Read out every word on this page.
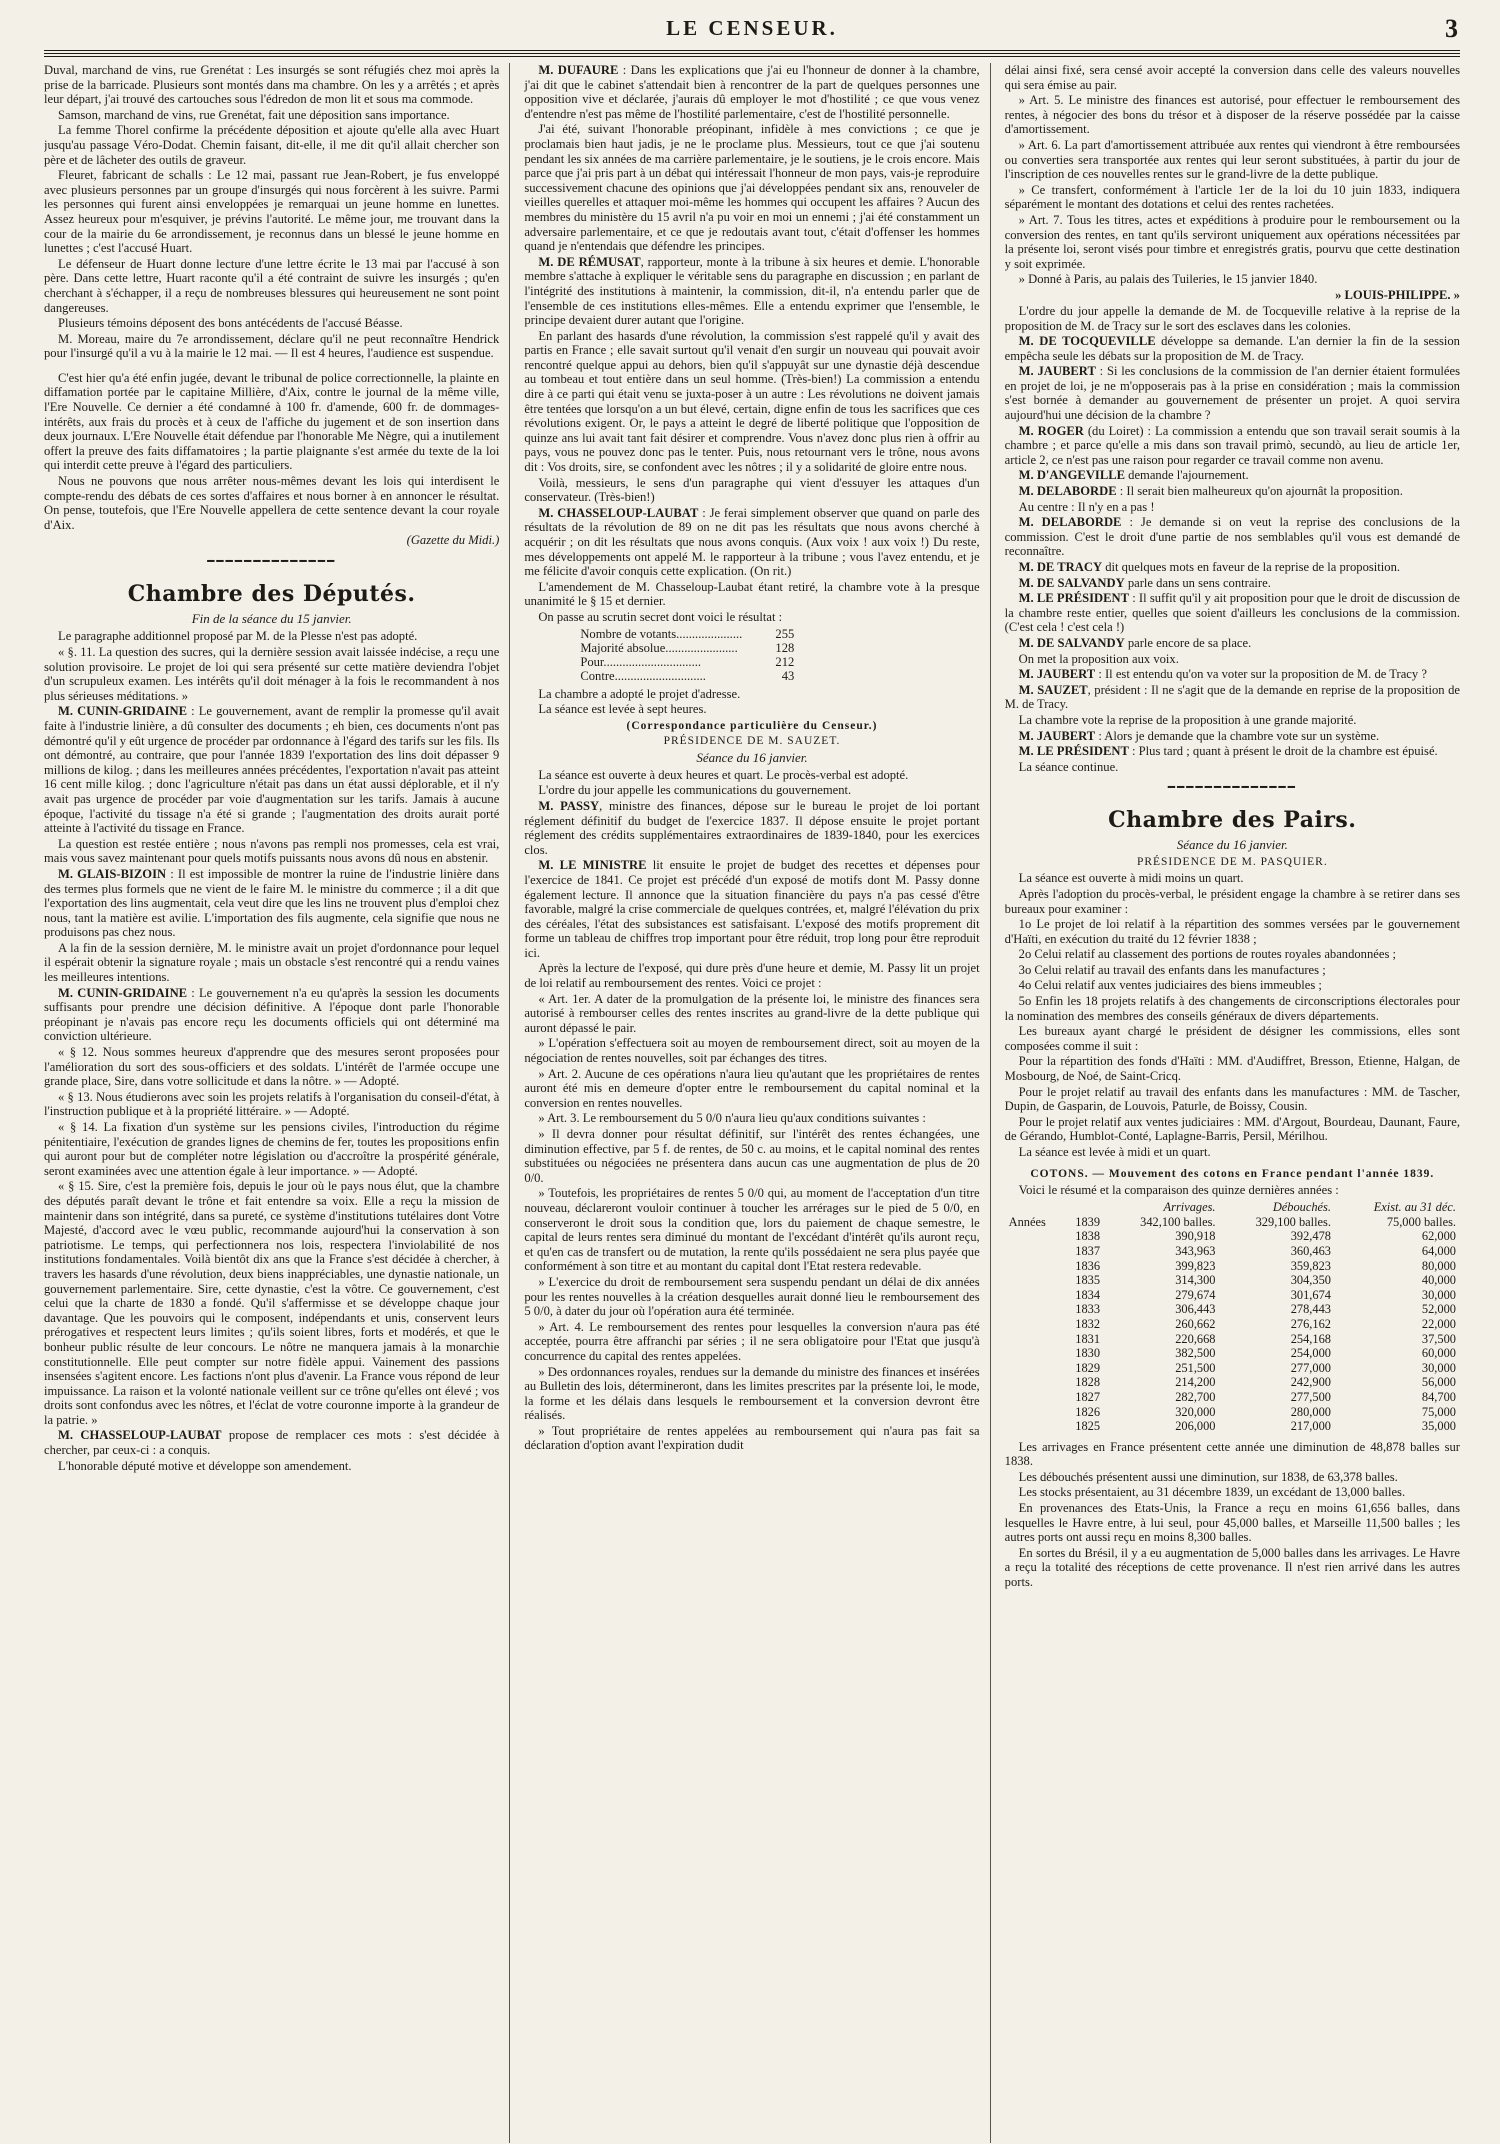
LE CENSEUR.	3

Duval, marchand de vins, rue Grenétat : Les insurgés se sont réfugiés chez moi après la prise de la barricade. Plusieurs sont montés dans ma chambre. On les y a arrêtés ; et après leur départ, j'ai trouvé des cartouches sous l'édredon de mon lit et sous ma commode.

Samson, marchand de vins, rue Grenétat, fait une déposition sans importance.

La femme Thorel confirme la précédente déposition et ajoute qu'elle alla avec Huart jusqu'au passage Véro-Dodat. Chemin faisant, dit-elle, il me dit qu'il allait chercher son père et de lâcheter des outils de graveur.

Fleuret, fabricant de schalls : Le 12 mai, passant rue Jean-Robert, je fus enveloppé avec plusieurs personnes par un groupe d'insurgés qui nous forcèrent à les suivre. Parmi les personnes qui furent ainsi enveloppées je remarquai un jeune homme en lunettes. Assez heureux pour m'esquiver, je prévins l'autorité. Le même jour, me trouvant dans la cour de la mairie du 6e arrondissement, je reconnus dans un blessé le jeune homme en lunettes ; c'est l'accusé Huart.

Le défenseur de Huart donne lecture d'une lettre écrite le 13 mai par l'accusé à son père. Dans cette lettre, Huart raconte qu'il a été contraint de suivre les insurgés ; qu'en cherchant à s'échapper, il a reçu de nombreuses blessures qui heureusement ne sont point dangereuses.

Plusieurs témoins déposent des bons antécédents de l'accusé Béasse.

M. Moreau, maire du 7e arrondissement, déclare qu'il ne peut reconnaître Hendrick pour l'insurgé qu'il a vu à la mairie le 12 mai. — Il est 4 heures, l'audience est suspendue.

C'est hier qu'a été enfin jugée, devant le tribunal de police correctionnelle, la plainte en diffamation portée par le capitaine Millière, d'Aix, contre le journal de la même ville, l'Ere Nouvelle. Ce dernier a été condamné à 100 fr. d'amende, 600 fr. de dommages-intérêts, aux frais du procès et à ceux de l'affiche du jugement et de son insertion dans deux journaux. L'Ere Nouvelle était défendue par l'honorable Me Nègre, qui a inutilement offert la preuve des faits diffamatoires ; la partie plaignante s'est armée du texte de la loi qui interdit cette preuve à l'égard des particuliers.

Nous ne pouvons que nous arrêter nous-mêmes devant les lois qui interdisent le compte-rendu des débats de ces sortes d'affaires et nous borner à en annoncer le résultat. On pense, toutefois, que l'Ere Nouvelle appellera de cette sentence devant la cour royale d'Aix.

(Gazette du Midi.)
━━━━━━━━━━━━━━
Chambre des Députés.
Fin de la séance du 15 janvier.

Le paragraphe additionnel proposé par M. de la Plesse n'est pas adopté.

« §. 11. La question des sucres, qui la dernière session avait laissée indécise, a reçu une solution provisoire. Le projet de loi qui sera présenté sur cette matière deviendra l'objet d'un scrupuleux examen. Les intérêts qu'il doit ménager à la fois le recommandent à nos plus sérieuses méditations. »

M. CUNIN-GRIDAINE : Le gouvernement, avant de remplir la promesse qu'il avait faite à l'industrie linière, a dû consulter des documents ; eh bien, ces documents n'ont pas démontré qu'il y eût urgence de procéder par ordonnance à l'égard des tarifs sur les fils. Ils ont démontré, au contraire, que pour l'année 1839 l'exportation des lins doit dépasser 9 millions de kilog. ; dans les meilleures années précédentes, l'exportation n'avait pas atteint 16 cent mille kilog. ; donc l'agriculture n'était pas dans un état aussi déplorable, et il n'y avait pas urgence de procéder par voie d'augmentation sur les tarifs. Jamais à aucune époque, l'activité du tissage n'a été si grande ; l'augmentation des droits aurait porté atteinte à l'activité du tissage en France.

La question est restée entière ; nous n'avons pas rempli nos promesses, cela est vrai, mais vous savez maintenant pour quels motifs puissants nous avons dû nous en abstenir.

M. GLAIS-BIZOIN : Il est impossible de montrer la ruine de l'industrie linière dans des termes plus formels que ne vient de le faire M. le ministre du commerce ; il a dit que l'exportation des lins augmentait, cela veut dire que les lins ne trouvent plus d'emploi chez nous, tant la matière est avilie. L'importation des fils augmente, cela signifie que nous ne produisons pas chez nous.

A la fin de la session dernière, M. le ministre avait un projet d'ordonnance pour lequel il espérait obtenir la signature royale ; mais un obstacle s'est rencontré qui a rendu vaines les meilleures intentions.

M. CUNIN-GRIDAINE : Le gouvernement n'a eu qu'après la session les documents suffisants pour prendre une décision définitive. A l'époque dont parle l'honorable préopinant je n'avais pas encore reçu les documents officiels qui ont déterminé ma conviction ultérieure.

« § 12. Nous sommes heureux d'apprendre que des mesures seront proposées pour l'amélioration du sort des sous-officiers et des soldats. L'intérêt de l'armée occupe une grande place, Sire, dans votre sollicitude et dans la nôtre. » — Adopté.

« § 13. Nous étudierons avec soin les projets relatifs à l'organisation du conseil-d'état, à l'instruction publique et à la propriété littéraire. » — Adopté.

« § 14. La fixation d'un système sur les pensions civiles, l'introduction du régime pénitentiaire, l'exécution de grandes lignes de chemins de fer, toutes les propositions enfin qui auront pour but de compléter notre législation ou d'accroître la prospérité générale, seront examinées avec une attention égale à leur importance. » — Adopté.

« § 15. Sire, c'est la première fois, depuis le jour où le pays nous élut, que la chambre des députés paraît devant le trône et fait entendre sa voix. Elle a reçu la mission de maintenir dans son intégrité, dans sa pureté, ce système d'institutions tutélaires dont Votre Majesté, d'accord avec le vœu public, recommande aujourd'hui la conservation à son patriotisme. Le temps, qui perfectionnera nos lois, respectera l'inviolabilité de nos institutions fondamentales. Voilà bientôt dix ans que la France s'est décidée à chercher, à travers les hasards d'une révolution, deux biens inappréciables, une dynastie nationale, un gouvernement parlementaire. Sire, cette dynastie, c'est la vôtre. Ce gouvernement, c'est celui que la charte de 1830 a fondé. Qu'il s'affermisse et se développe chaque jour davantage. Que les pouvoirs qui le composent, indépendants et unis, conservent leurs prérogatives et respectent leurs limites ; qu'ils soient libres, forts et modérés, et que le bonheur public résulte de leur concours. Le nôtre ne manquera jamais à la monarchie constitutionnelle. Elle peut compter sur notre fidèle appui. Vainement des passions insensées s'agitent encore. Les factions n'ont plus d'avenir. La France vous répond de leur impuissance. La raison et la volonté nationale veillent sur ce trône qu'elles ont élevé ; vos droits sont confondus avec les nôtres, et l'éclat de votre couronne importe à la grandeur de la patrie. »

M. CHASSELOUP-LAUBAT propose de remplacer ces mots : s'est décidée à chercher, par ceux-ci : a conquis.

L'honorable député motive et développe son amendement.

M. DUFAURE : Dans les explications que j'ai eu l'honneur de donner à la chambre, j'ai dit que le cabinet s'attendait bien à rencontrer de la part de quelques personnes une opposition vive et déclarée, j'aurais dû employer le mot d'hostilité ; ce que vous venez d'entendre n'est pas même de l'hostilité parlementaire, c'est de l'hostilité personnelle.

J'ai été, suivant l'honorable préopinant, infidèle à mes convictions ; ce que je proclamais bien haut jadis, je ne le proclame plus. Messieurs, tout ce que j'ai soutenu pendant les six années de ma carrière parlementaire, je le soutiens, je le crois encore. Mais parce que j'ai pris part à un débat qui intéressait l'honneur de mon pays, vais-je reproduire successivement chacune des opinions que j'ai développées pendant six ans, renouveler de vieilles querelles et attaquer moi-même les hommes qui occupent les affaires ? Aucun des membres du ministère du 15 avril n'a pu voir en moi un ennemi ; j'ai été constamment un adversaire parlementaire, et ce que je redoutais avant tout, c'était d'offenser les hommes quand je n'entendais que défendre les principes.

M. DE RÉMUSAT, rapporteur, monte à la tribune à six heures et demie. L'honorable membre s'attache à expliquer le véritable sens du paragraphe en discussion ; en parlant de l'intégrité des institutions à maintenir, la commission, dit-il, n'a entendu parler que de l'ensemble de ces institutions elles-mêmes. Elle a entendu exprimer que l'ensemble, le principe devaient durer autant que l'origine.

En parlant des hasards d'une révolution, la commission s'est rappelé qu'il y avait des partis en France ; elle savait surtout qu'il venait d'en surgir un nouveau qui pouvait avoir rencontré quelque appui au dehors, bien qu'il s'appuyât sur une dynastie déjà descendue au tombeau et tout entière dans un seul homme. (Très-bien!) La commission a entendu dire à ce parti qui était venu se juxta-poser à un autre : Les révolutions ne doivent jamais être tentées que lorsqu'on a un but élevé, certain, digne enfin de tous les sacrifices que ces révolutions exigent. Or, le pays a atteint le degré de liberté politique que l'opposition de quinze ans lui avait tant fait désirer et comprendre. Vous n'avez donc plus rien à offrir au pays, vous ne pouvez donc pas le tenter. Puis, nous retournant vers le trône, nous avons dit : Vos droits, sire, se confondent avec les nôtres ; il y a solidarité de gloire entre nous.

Voilà, messieurs, le sens d'un paragraphe qui vient d'essuyer les attaques d'un conservateur. (Très-bien!)

M. CHASSELOUP-LAUBAT : Je ferai simplement observer que quand on parle des résultats de la révolution de 89 on ne dit pas les résultats que nous avons cherché à acquérir ; on dit les résultats que nous avons conquis. (Aux voix ! aux voix !) Du reste, mes développements ont appelé M. le rapporteur à la tribune ; vous l'avez entendu, et je me félicite d'avoir conquis cette explication. (On rit.)

L'amendement de M. Chasseloup-Laubat étant retiré, la chambre vote à la presque unanimité le § 15 et dernier.

On passe au scrutin secret dont voici le résultat :

Nombre de votants.....................	255
Majorité absolue.......................	128
Pour...............................	212
Contre.............................	43

La chambre a adopté le projet d'adresse.

La séance est levée à sept heures.

(Correspondance particulière du Censeur.)
PRÉSIDENCE DE M. SAUZET.
Séance du 16 janvier.

La séance est ouverte à deux heures et quart. Le procès-verbal est adopté.

L'ordre du jour appelle les communications du gouvernement.

M. PASSY, ministre des finances, dépose sur le bureau le projet de loi portant réglement définitif du budget de l'exercice 1837. Il dépose ensuite le projet portant réglement des crédits supplémentaires extraordinaires de 1839-1840, pour les exercices clos.

M. LE MINISTRE lit ensuite le projet de budget des recettes et dépenses pour l'exercice de 1841. Ce projet est précédé d'un exposé de motifs dont M. Passy donne également lecture. Il annonce que la situation financière du pays n'a pas cessé d'être favorable, malgré la crise commerciale de quelques contrées, et, malgré l'élévation du prix des céréales, l'état des subsistances est satisfaisant. L'exposé des motifs proprement dit forme un tableau de chiffres trop important pour être réduit, trop long pour être reproduit ici.

Après la lecture de l'exposé, qui dure près d'une heure et demie, M. Passy lit un projet de loi relatif au remboursement des rentes. Voici ce projet :

« Art. 1er. A dater de la promulgation de la présente loi, le ministre des finances sera autorisé à rembourser celles des rentes inscrites au grand-livre de la dette publique qui auront dépassé le pair.

» L'opération s'effectuera soit au moyen de remboursement direct, soit au moyen de la négociation de rentes nouvelles, soit par échanges des titres.

» Art. 2. Aucune de ces opérations n'aura lieu qu'autant que les propriétaires de rentes auront été mis en demeure d'opter entre le remboursement du capital nominal et la conversion en rentes nouvelles.

» Art. 3. Le remboursement du 5 0/0 n'aura lieu qu'aux conditions suivantes :

» Il devra donner pour résultat définitif, sur l'intérêt des rentes échangées, une diminution effective, par 5 f. de rentes, de 50 c. au moins, et le capital nominal des rentes substituées ou négociées ne présentera dans aucun cas une augmentation de plus de 20 0/0.

» Toutefois, les propriétaires de rentes 5 0/0 qui, au moment de l'acceptation d'un titre nouveau, déclareront vouloir continuer à toucher les arrérages sur le pied de 5 0/0, en conserveront le droit sous la condition que, lors du paiement de chaque semestre, le capital de leurs rentes sera diminué du montant de l'excédant d'intérêt qu'ils auront reçu, et qu'en cas de transfert ou de mutation, la rente qu'ils possédaient ne sera plus payée que conformément à son titre et au montant du capital dont l'Etat restera redevable.

» L'exercice du droit de remboursement sera suspendu pendant un délai de dix années pour les rentes nouvelles à la création desquelles aurait donné lieu le remboursement des 5 0/0, à dater du jour où l'opération aura été terminée.

» Art. 4. Le remboursement des rentes pour lesquelles la conversion n'aura pas été acceptée, pourra être affranchi par séries ; il ne sera obligatoire pour l'Etat que jusqu'à concurrence du capital des rentes appelées.

» Des ordonnances royales, rendues sur la demande du ministre des finances et insérées au Bulletin des lois, détermineront, dans les limites prescrites par la présente loi, le mode, la forme et les délais dans lesquels le remboursement et la conversion devront être réalisés.

» Tout propriétaire de rentes appelées au remboursement qui n'aura pas fait sa déclaration d'option avant l'expiration dudit

délai ainsi fixé, sera censé avoir accepté la conversion dans celle des valeurs nouvelles qui sera émise au pair.

» Art. 5. Le ministre des finances est autorisé, pour effectuer le remboursement des rentes, à négocier des bons du trésor et à disposer de la réserve possédée par la caisse d'amortissement.

» Art. 6. La part d'amortissement attribuée aux rentes qui viendront à être remboursées ou converties sera transportée aux rentes qui leur seront substituées, à partir du jour de l'inscription de ces nouvelles rentes sur le grand-livre de la dette publique.

» Ce transfert, conformément à l'article 1er de la loi du 10 juin 1833, indiquera séparément le montant des dotations et celui des rentes rachetées.

» Art. 7. Tous les titres, actes et expéditions à produire pour le remboursement ou la conversion des rentes, en tant qu'ils serviront uniquement aux opérations nécessitées par la présente loi, seront visés pour timbre et enregistrés gratis, pourvu que cette destination y soit exprimée.

» Donné à Paris, au palais des Tuileries, le 15 janvier 1840.

» LOUIS-PHILIPPE. »

L'ordre du jour appelle la demande de M. de Tocqueville relative à la reprise de la proposition de M. de Tracy sur le sort des esclaves dans les colonies.

M. DE TOCQUEVILLE développe sa demande. L'an dernier la fin de la session empêcha seule les débats sur la proposition de M. de Tracy.

M. JAUBERT : Si les conclusions de la commission de l'an dernier étaient formulées en projet de loi, je ne m'opposerais pas à la prise en considération ; mais la commission s'est bornée à demander au gouvernement de présenter un projet. A quoi servira aujourd'hui une décision de la chambre ?

M. ROGER (du Loiret) : La commission a entendu que son travail serait soumis à la chambre ; et parce qu'elle a mis dans son travail primò, secundò, au lieu de article 1er, article 2, ce n'est pas une raison pour regarder ce travail comme non avenu.

M. D'ANGEVILLE demande l'ajournement.

M. DELABORDE : Il serait bien malheureux qu'on ajournât la proposition.

Au centre : Il n'y en a pas !

M. DELABORDE : Je demande si on veut la reprise des conclusions de la commission. C'est le droit d'une partie de nos semblables qu'il vous est demandé de reconnaître.

M. DE TRACY dit quelques mots en faveur de la reprise de la proposition.

M. DE SALVANDY parle dans un sens contraire.

M. LE PRÉSIDENT : Il suffit qu'il y ait proposition pour que le droit de discussion de la chambre reste entier, quelles que soient d'ailleurs les conclusions de la commission. (C'est cela ! c'est cela !)

M. DE SALVANDY parle encore de sa place.

On met la proposition aux voix.

M. JAUBERT : Il est entendu qu'on va voter sur la proposition de M. de Tracy ?

M. SAUZET, président : Il ne s'agit que de la demande en reprise de la proposition de M. de Tracy.

La chambre vote la reprise de la proposition à une grande majorité.

M. JAUBERT : Alors je demande que la chambre vote sur un système.

M. LE PRÉSIDENT : Plus tard ; quant à présent le droit de la chambre est épuisé.

La séance continue.

━━━━━━━━━━━━━━
Chambre des Pairs.
Séance du 16 janvier.
PRÉSIDENCE DE M. PASQUIER.

La séance est ouverte à midi moins un quart.

Après l'adoption du procès-verbal, le président engage la chambre à se retirer dans ses bureaux pour examiner :

1o Le projet de loi relatif à la répartition des sommes versées par le gouvernement d'Haïti, en exécution du traité du 12 février 1838 ;

2o Celui relatif au classement des portions de routes royales abandonnées ;

3o Celui relatif au travail des enfants dans les manufactures ;

4o Celui relatif aux ventes judiciaires des biens immeubles ;

5o Enfin les 18 projets relatifs à des changements de circonscriptions électorales pour la nomination des membres des conseils généraux de divers départements.

Les bureaux ayant chargé le président de désigner les commissions, elles sont composées comme il suit :

Pour la répartition des fonds d'Haïti : MM. d'Audiffret, Bresson, Etienne, Halgan, de Mosbourg, de Noé, de Saint-Cricq.

Pour le projet relatif au travail des enfants dans les manufactures : MM. de Tascher, Dupin, de Gasparin, de Louvois, Paturle, de Boissy, Cousin.

Pour le projet relatif aux ventes judiciaires : MM. d'Argout, Bourdeau, Daunant, Faure, de Gérando, Humblot-Conté, Laplagne-Barris, Persil, Mérilhou.

La séance est levée à midi et un quart.

COTONS. — Mouvement des cotons en France pendant l'année 1839.

Voici le résumé et la comparaison des quinze dernières années :

		Arrivages.	Débouchés.	Exist. au 31 déc.
Années	1839	342,100 balles.	329,100 balles.	75,000 balles.
	1838	390,918	392,478	62,000
	1837	343,963	360,463	64,000
	1836	399,823	359,823	80,000
	1835	314,300	304,350	40,000
	1834	279,674	301,674	30,000
	1833	306,443	278,443	52,000
	1832	260,662	276,162	22,000
	1831	220,668	254,168	37,500
	1830	382,500	254,000	60,000
	1829	251,500	277,000	30,000
	1828	214,200	242,900	56,000
	1827	282,700	277,500	84,700
	1826	320,000	280,000	75,000
	1825	206,000	217,000	35,000

Les arrivages en France présentent cette année une diminution de 48,878 balles sur 1838.

Les débouchés présentent aussi une diminution, sur 1838, de 63,378 balles.

Les stocks présentaient, au 31 décembre 1839, un excédant de 13,000 balles.

En provenances des Etats-Unis, la France a reçu en moins 61,656 balles, dans lesquelles le Havre entre, à lui seul, pour 45,000 balles, et Marseille 11,500 balles ; les autres ports ont aussi reçu en moins 8,300 balles.

En sortes du Brésil, il y a eu augmentation de 5,000 balles dans les arrivages. Le Havre a reçu la totalité des réceptions de cette provenance. Il n'est rien arrivé dans les autres ports.
